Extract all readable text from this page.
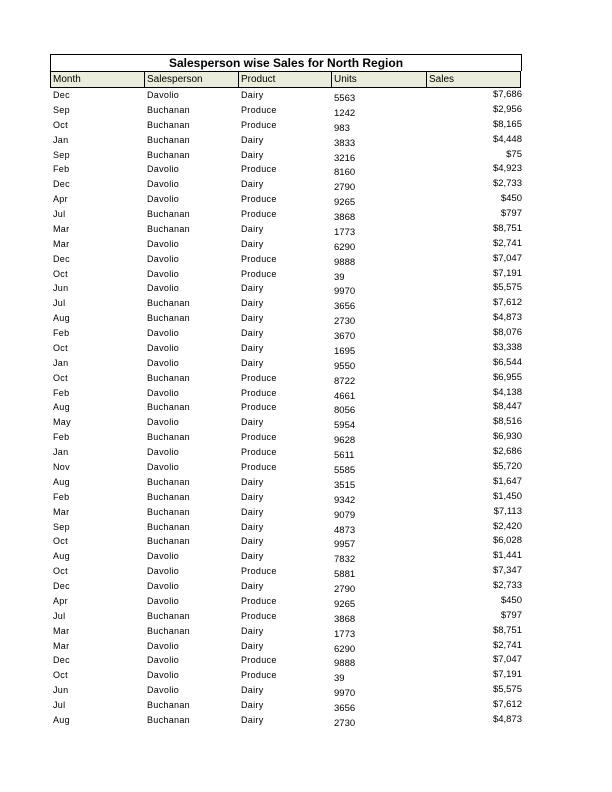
Salesperson wise Sales for North Region
Month	Salesperson	Product	Units	Sales
Dec	Davolio	Dairy	5563	$7,686
Sep	Buchanan	Produce	1242	$2,956
Oct	Buchanan	Produce	983	$8,165
Jan	Buchanan	Dairy	3833	$4,448
Sep	Buchanan	Dairy	3216	$75
Feb	Davolio	Produce	8160	$4,923
Dec	Davolio	Dairy	2790	$2,733
Apr	Davolio	Produce	9265	$450
Jul	Buchanan	Produce	3868	$797
Mar	Buchanan	Dairy	1773	$8,751
Mar	Davolio	Dairy	6290	$2,741
Dec	Davolio	Produce	9888	$7,047
Oct	Davolio	Produce	39	$7,191
Jun	Davolio	Dairy	9970	$5,575
Jul	Buchanan	Dairy	3656	$7,612
Aug	Buchanan	Dairy	2730	$4,873
Feb	Davolio	Dairy	3670	$8,076
Oct	Davolio	Dairy	1695	$3,338
Jan	Davolio	Dairy	9550	$6,544
Oct	Buchanan	Produce	8722	$6,955
Feb	Davolio	Produce	4661	$4,138
Aug	Buchanan	Produce	8056	$8,447
May	Davolio	Dairy	5954	$8,516
Feb	Buchanan	Produce	9628	$6,930
Jan	Davolio	Produce	5611	$2,686
Nov	Davolio	Produce	5585	$5,720
Aug	Buchanan	Dairy	3515	$1,647
Feb	Buchanan	Dairy	9342	$1,450
Mar	Buchanan	Dairy	9079	$7,113
Sep	Buchanan	Dairy	4873	$2,420
Oct	Buchanan	Dairy	9957	$6,028
Aug	Davolio	Dairy	7832	$1,441
Oct	Davolio	Produce	5881	$7,347
Dec	Davolio	Dairy	2790	$2,733
Apr	Davolio	Produce	9265	$450
Jul	Buchanan	Produce	3868	$797
Mar	Buchanan	Dairy	1773	$8,751
Mar	Davolio	Dairy	6290	$2,741
Dec	Davolio	Produce	9888	$7,047
Oct	Davolio	Produce	39	$7,191
Jun	Davolio	Dairy	9970	$5,575
Jul	Buchanan	Dairy	3656	$7,612
Aug	Buchanan	Dairy	2730	$4,873
